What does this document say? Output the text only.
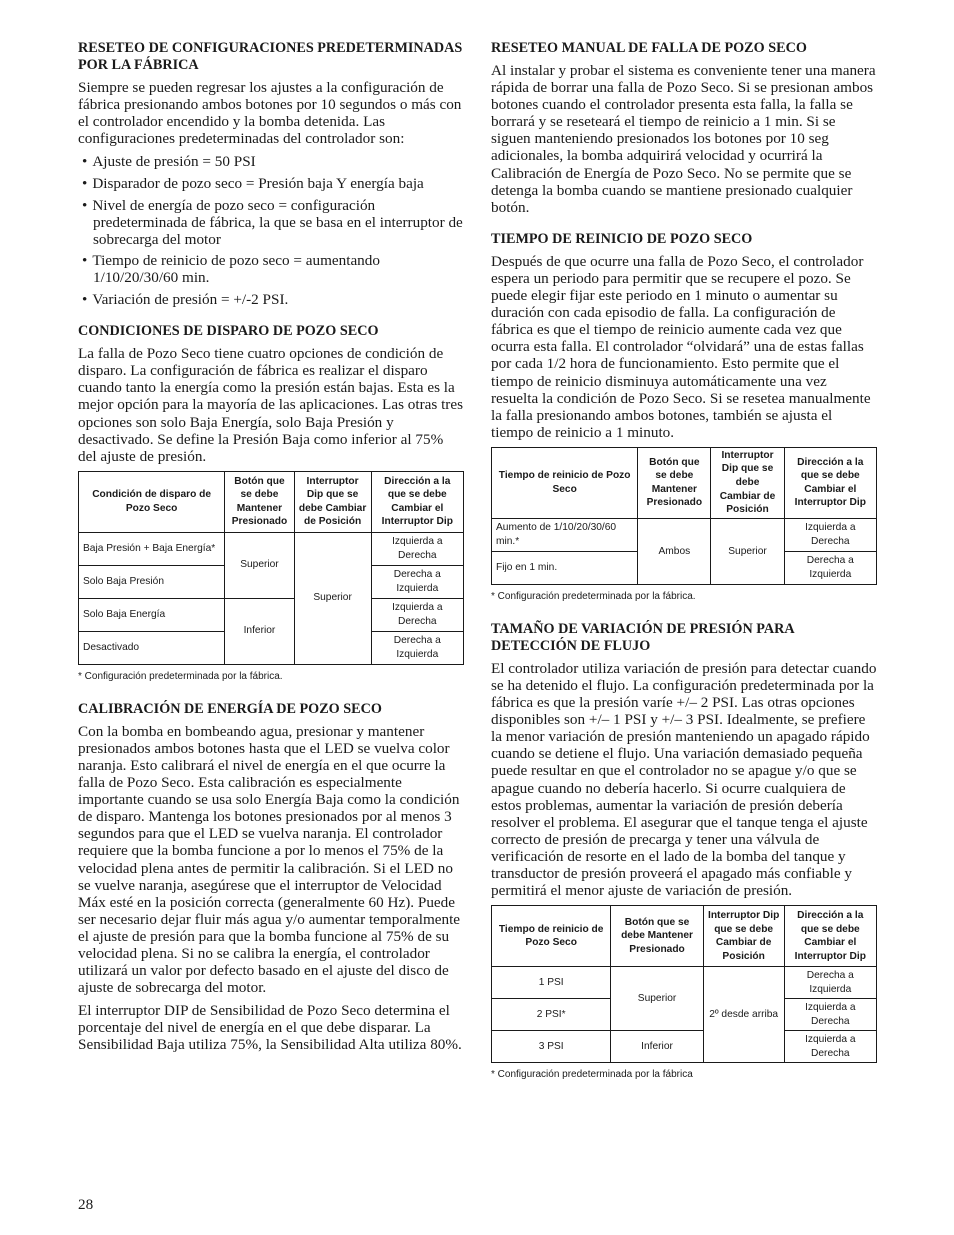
RESETEO DE CONFIGURACIONES PREDETERMINADAS POR LA FÁBRICA

Siempre se pueden regresar los ajustes a la configuración de fábrica presionando ambos botones por 10 segundos o más con el controlador encendido y la bomba detenida. Las configuraciones predeterminadas del controlador son:

• Ajuste de presión = 50 PSI
• Disparador de pozo seco = Presión baja Y energía baja
• Nivel de energía de pozo seco = configuración predeterminada de fábrica, la que se basa en el interruptor de sobrecarga del motor
• Tiempo de reinicio de pozo seco = aumentando 1/10/20/30/60 min.
• Variación de presión = +/-2 PSI.
CONDICIONES DE DISPARO DE POZO SECO

La falla de Pozo Seco tiene cuatro opciones de condición de disparo. La configuración de fábrica es realizar el disparo cuando tanto la energía como la presión están bajas. Esta es la mejor opción para la mayoría de las aplicaciones. Las otras tres opciones son solo Baja Energía, solo Baja Presión y desactivado. Se define la Presión Baja como inferior al 75% del ajuste de presión.

Condición de disparo de Pozo Seco	Botón que se debe Mantener Presionado	Interruptor Dip que se debe Cambiar de Posición	Dirección a la que se debe Cambiar el Interruptor Dip
Baja Presión + Baja Energía*	Superior	Superior	Izquierda a Derecha
Solo Baja Presión			Derecha a Izquierda
Solo Baja Energía	Inferior		Izquierda a Derecha
Desactivado			Derecha a Izquierda
* Configuración predeterminada por la fábrica.
CALIBRACIÓN DE ENERGÍA DE POZO SECO

Con la bomba en bombeando agua, presionar y mantener presionados ambos botones hasta que el LED se vuelva color naranja. Esto calibrará el nivel de energía en el que ocurre la falla de Pozo Seco. Esta calibración es especialmente importante cuando se usa solo Energía Baja como la condición de disparo. Mantenga los botones presionados por al menos 3 segundos para que el LED se vuelva naranja. El controlador requiere que la bomba funcione a por lo menos el 75% de la velocidad plena antes de permitir la calibración. Si el LED no se vuelve naranja, asegúrese que el interruptor de Velocidad Máx esté en la posición correcta (generalmente 60 Hz). Puede ser necesario dejar fluir más agua y/o aumentar temporalmente el ajuste de presión para que la bomba funcione al 75% de su velocidad plena. Si no se calibra la energía, el controlador utilizará un valor por defecto basado en el ajuste del disco de ajuste de sobrecarga del motor.

El interruptor DIP de Sensibilidad de Pozo Seco determina el porcentaje del nivel de energía en el que debe disparar. La Sensibilidad Baja utiliza 75%, la Sensibilidad Alta utiliza 80%.

RESETEO MANUAL DE FALLA DE POZO SECO

Al instalar y probar el sistema es conveniente tener una manera rápida de borrar una falla de Pozo Seco. Si se presionan ambos botones cuando el controlador presenta esta falla, la falla se borrará y se reseteará el tiempo de reinicio a 1 min. Si se siguen manteniendo presionados los botones por 10 seg adicionales, la bomba adquirirá velocidad y ocurrirá la Calibración de Energía de Pozo Seco. No se permite que se detenga la bomba cuando se mantiene presionado cualquier botón.

TIEMPO DE REINICIO DE POZO SECO

Después de que ocurre una falla de Pozo Seco, el controlador espera un periodo para permitir que se recupere el pozo. Se puede elegir fijar este periodo en 1 minuto o aumentar su duración con cada episodio de falla. La configuración de fábrica es que el tiempo de reinicio aumente cada vez que ocurra esta falla. El controlador “olvidará” una de estas fallas por cada 1/2 hora de funcionamiento. Esto permite que el tiempo de reinicio disminuya automáticamente una vez resuelta la condición de Pozo Seco. Si se resetea manualmente la falla presionando ambos botones, también se ajusta el tiempo de reinicio a 1 minuto.

Tiempo de reinicio de Pozo Seco	Botón que se debe Mantener Presionado	Interruptor Dip que se debe Cambiar de Posición	Dirección a la que se debe Cambiar el Interruptor Dip
Aumento de 1/10/20/30/60 min.*	Ambos	Superior	Izquierda a Derecha
Fijo en 1 min.			Derecha a Izquierda
* Configuración predeterminada por la fábrica.
TAMAÑO DE VARIACIÓN DE PRESIÓN PARA DETECCIÓN DE FLUJO

El controlador utiliza variación de presión para detectar cuando se ha detenido el flujo. La configuración predeterminada por la fábrica es que la presión varíe +/– 2 PSI. Las otras opciones disponibles son +/– 1 PSI y +/– 3 PSI. Idealmente, se prefiere la menor variación de presión manteniendo un apagado rápido cuando se detiene el flujo. Una variación demasiado pequeña puede resultar en que el controlador no se apague y/o que se apague cuando no debería hacerlo. Si ocurre cualquiera de estos problemas, aumentar la variación de presión debería resolver el problema. El asegurar que el tanque tenga el ajuste correcto de presión de precarga y tener una válvula de verificación de resorte en el lado de la bomba del tanque y transductor de presión proveerá el apagado más confiable y permitirá el menor ajuste de variación de presión.

Tiempo de reinicio de Pozo Seco	Botón que se debe Mantener Presionado	Interruptor Dip que se debe Cambiar de Posición	Dirección a la que se debe Cambiar el Interruptor Dip
1 PSI	Superior	2º desde arriba	Derecha a Izquierda
2 PSI*			Izquierda a Derecha
3 PSI	Inferior		Izquierda a Derecha
* Configuración predeterminada por la fábrica
28
